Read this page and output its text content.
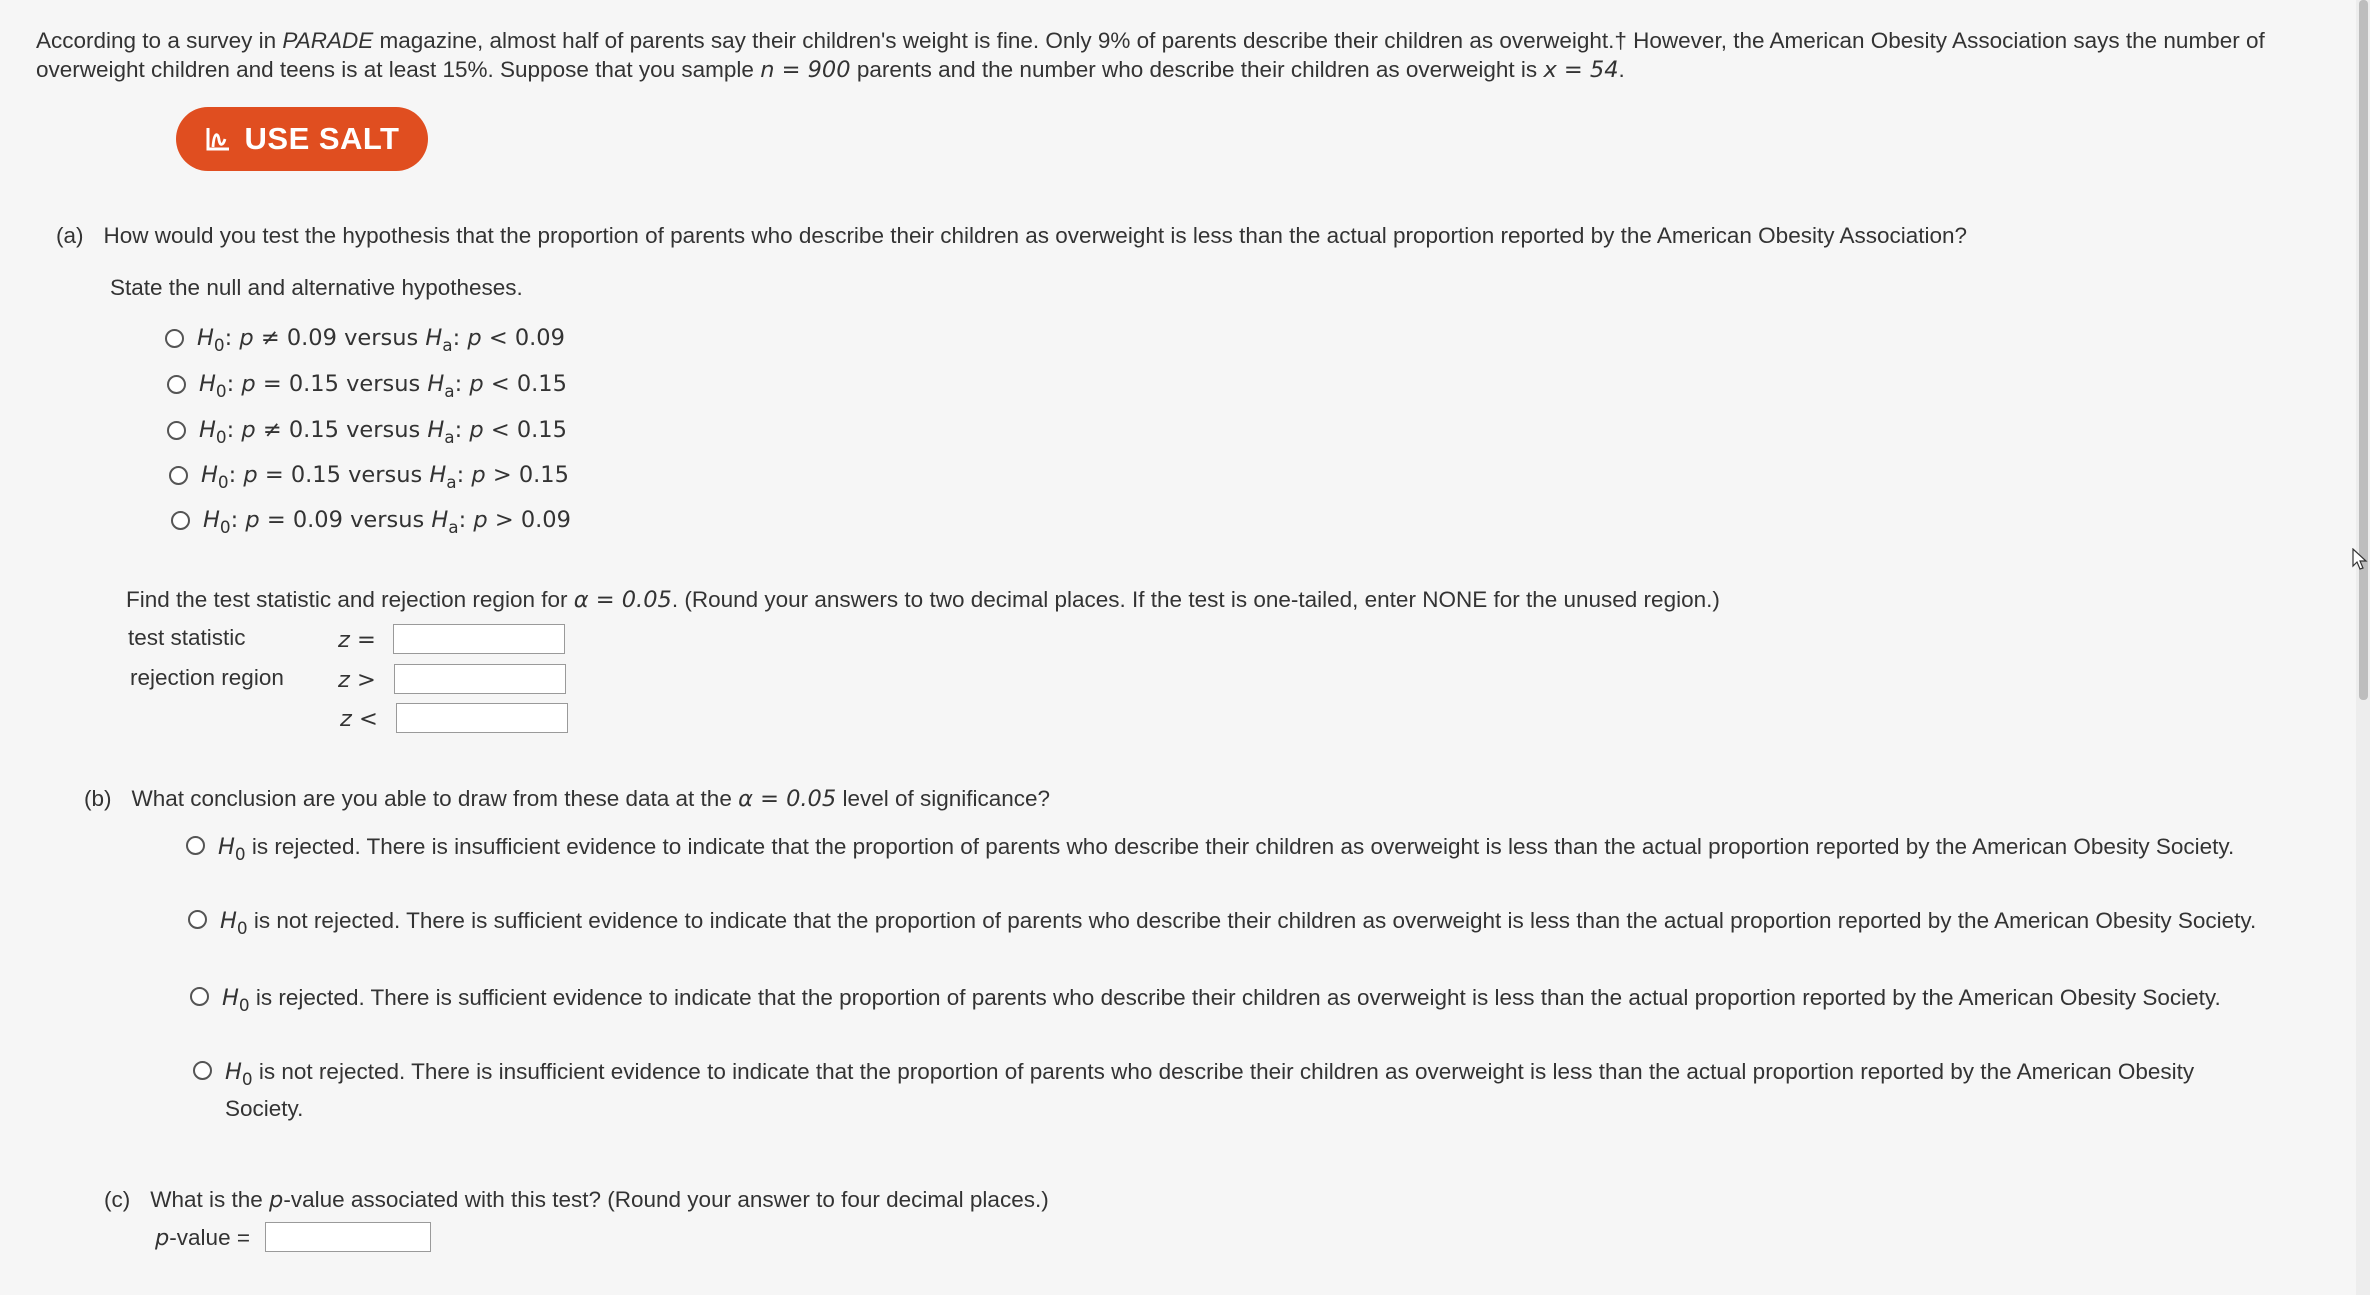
According to a survey in PARADE magazine, almost half of parents say their children's weight is fine. Only 9% of parents describe their children as overweight.† However, the American Obesity Association says the number of overweight children and teens is at least 15%. Suppose that you sample n = 900 parents and the number who describe their children as overweight is x = 54.
USE SALT
(a) How would you test the hypothesis that the proportion of parents who describe their children as overweight is less than the actual proportion reported by the American Obesity Association?
State the null and alternative hypotheses.
$H_0$: p ≠ 0.09 versus $H_a$: p < 0.09
$H_0$: p = 0.15 versus $H_a$: p < 0.15
$H_0$: p ≠ 0.15 versus $H_a$: p < 0.15
$H_0$: p = 0.15 versus $H_a$: p > 0.15
$H_0$: p = 0.09 versus $H_a$: p > 0.09
Find the test statistic and rejection region for α = 0.05. (Round your answers to two decimal places. If the test is one-tailed, enter NONE for the unused region.)
test statistic	z =
rejection region z >
z <
(b) What conclusion are you able to draw from these data at the α = 0.05 level of significance?
$H_0$ is rejected. There is insufficient evidence to indicate that the proportion of parents who describe their children as overweight is less than the actual proportion reported by the American Obesity Society.
$H_0$ is not rejected. There is sufficient evidence to indicate that the proportion of parents who describe their children as overweight is less than the actual proportion reported by the American Obesity Society.
$H_0$ is rejected. There is sufficient evidence to indicate that the proportion of parents who describe their children as overweight is less than the actual proportion reported by the American Obesity Society.
$H_0$ is not rejected. There is insufficient evidence to indicate that the proportion of parents who describe their children as overweight is less than the actual proportion reported by the American Obesity Society.
(c) What is the p-value associated with this test? (Round your answer to four decimal places.)
p-value =
